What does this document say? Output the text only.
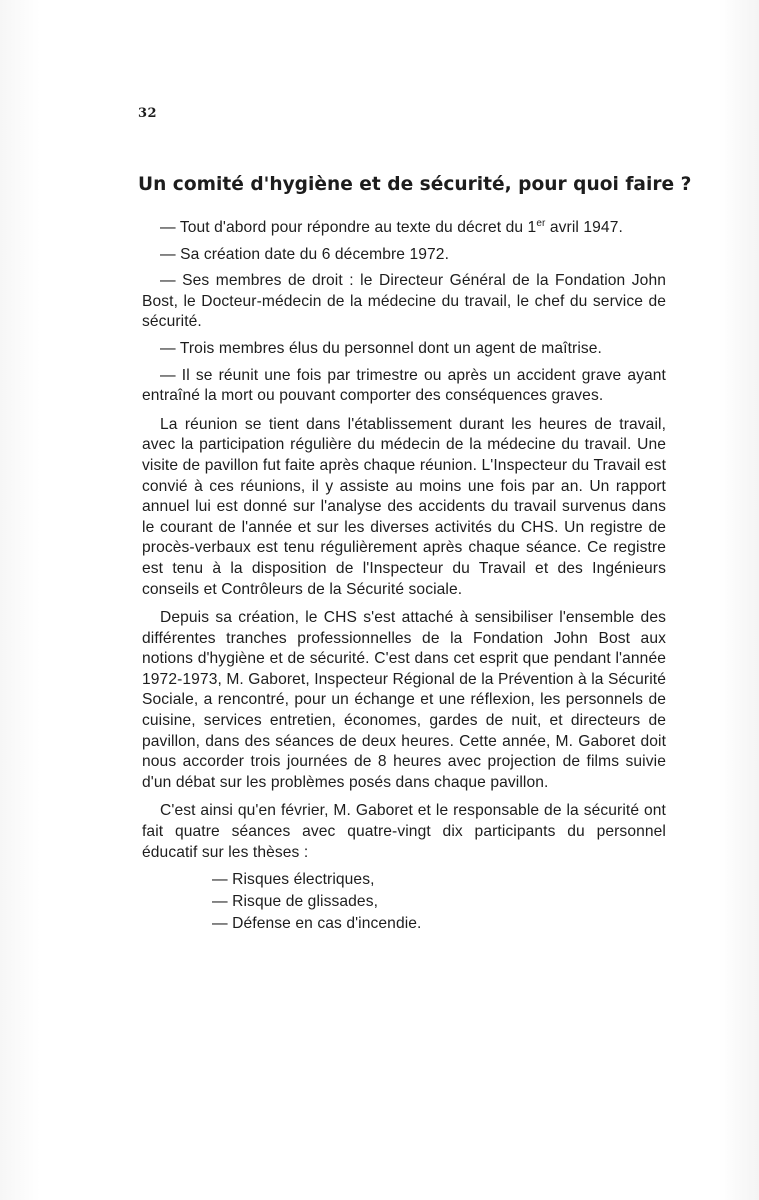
32
Un comité d'hygiène et de sécurité, pour quoi faire ?

— Tout d'abord pour répondre au texte du décret du 1er avril 1947.

— Sa création date du 6 décembre 1972.

— Ses membres de droit : le Directeur Général de la Fondation John Bost, le Docteur-médecin de la médecine du travail, le chef du service de sécurité.

— Trois membres élus du personnel dont un agent de maîtrise.

— Il se réunit une fois par trimestre ou après un accident grave ayant entraîné la mort ou pouvant comporter des conséquences graves.

La réunion se tient dans l'établissement durant les heures de travail, avec la participation régulière du médecin de la médecine du travail. Une visite de pavillon fut faite après chaque réunion. L'Inspecteur du Travail est convié à ces réunions, il y assiste au moins une fois par an. Un rapport annuel lui est donné sur l'analyse des accidents du travail survenus dans le courant de l'année et sur les diverses activités du CHS. Un registre de procès-verbaux est tenu régulièrement après chaque séance. Ce registre est tenu à la disposition de l'Inspecteur du Travail et des Ingénieurs conseils et Contrôleurs de la Sécurité sociale.

Depuis sa création, le CHS s'est attaché à sensibiliser l'ensemble des différentes tranches professionnelles de la Fondation John Bost aux notions d'hygiène et de sécurité. C'est dans cet esprit que pendant l'année 1972-1973, M. Gaboret, Inspecteur Régional de la Prévention à la Sécurité Sociale, a rencontré, pour un échange et une réflexion, les personnels de cuisine, services entretien, économes, gardes de nuit, et directeurs de pavillon, dans des séances de deux heures. Cette année, M. Gaboret doit nous accorder trois journées de 8 heures avec projection de films suivie d'un débat sur les problèmes posés dans chaque pavillon.

C'est ainsi qu'en février, M. Gaboret et le responsable de la sécurité ont fait quatre séances avec quatre-vingt dix participants du personnel éducatif sur les thèses :

— Risques électriques,
— Risque de glissades,
— Défense en cas d'incendie.
